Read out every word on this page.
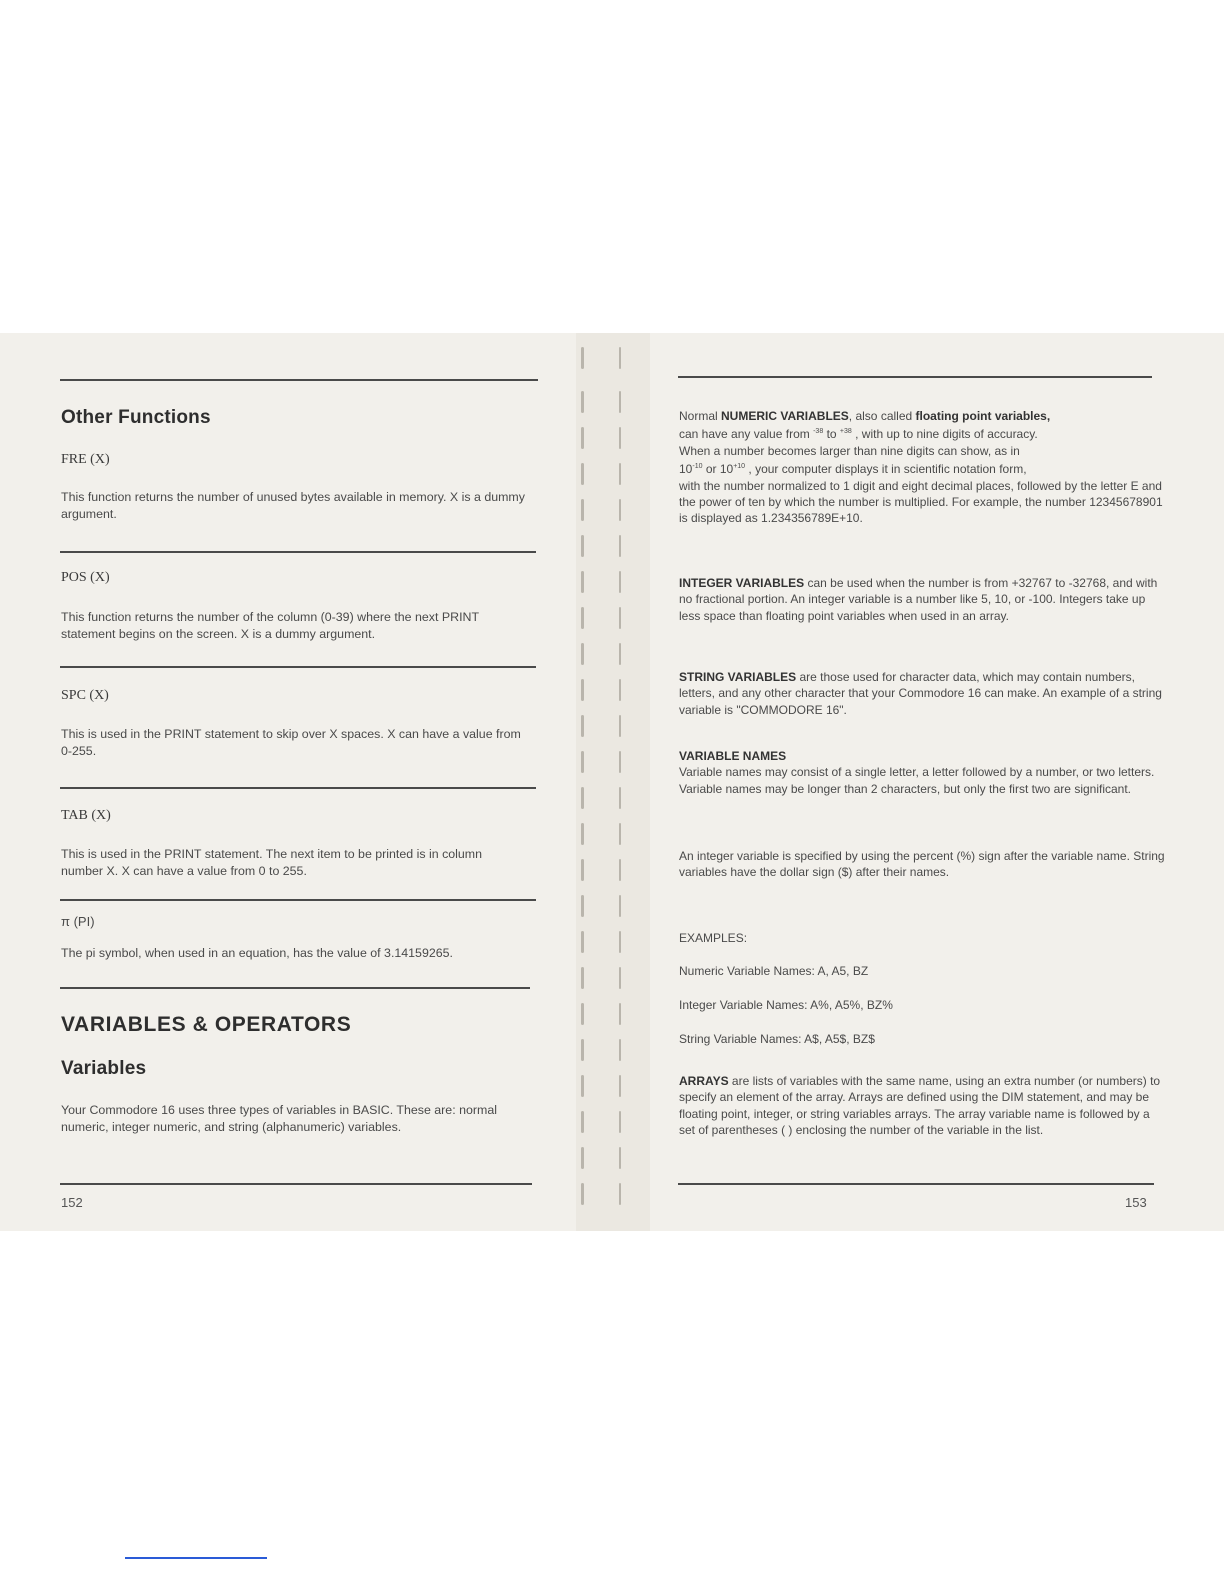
Other Functions

FRE (X)

This function returns the number of unused bytes available in memory. X is a dummy argument.

POS (X)

This function returns the number of the column (0-39) where the next PRINT statement begins on the screen. X is a dummy argument.

SPC (X)

This is used in the PRINT statement to skip over X spaces. X can have a value from 0-255.

TAB (X)

This is used in the PRINT statement. The next item to be printed is in column number X. X can have a value from 0 to 255.

π (PI)

The pi symbol, when used in an equation, has the value of 3.14159265.

VARIABLES & OPERATORS

Variables

Your Commodore 16 uses three types of variables in BASIC. These are: normal numeric, integer numeric, and string (alphanumeric) variables.

152

Normal NUMERIC VARIABLES, also called floating point variables,
can have any value from $^{-38}$ to $^{+38}$ , with up to nine digits of accuracy.
When a number becomes larger than nine digits can show, as in
$10^{-10}$ or $10^{+10}$ , your computer displays it in scientific notation form,
with the number normalized to 1 digit and eight decimal places, followed by the letter E and the power of ten by which the number is multiplied. For example, the number 12345678901 is displayed as 1.234356789E+10.
INTEGER VARIABLES can be used when the number is from +32767 to -32768, and with no fractional portion. An integer variable is a number like 5, 10, or -100. Integers take up less space than floating point variables when used in an array.
STRING VARIABLES are those used for character data, which may contain numbers, letters, and any other character that your Commodore 16 can make. An example of a string variable is "COMMODORE 16".
VARIABLE NAMES
Variable names may consist of a single letter, a letter followed by a number, or two letters. Variable names may be longer than 2 characters, but only the first two are significant.

An integer variable is specified by using the percent (%) sign after the variable name. String variables have the dollar sign ($) after their names.

EXAMPLES:

Numeric Variable Names: A, A5, BZ

Integer Variable Names: A%, A5%, BZ%

String Variable Names: A$, A5$, BZ$

ARRAYS are lists of variables with the same name, using an extra number (or numbers) to specify an element of the array. Arrays are defined using the DIM statement, and may be floating point, integer, or string variables arrays. The array variable name is followed by a set of parentheses ( ) enclosing the number of the variable in the list.

153
